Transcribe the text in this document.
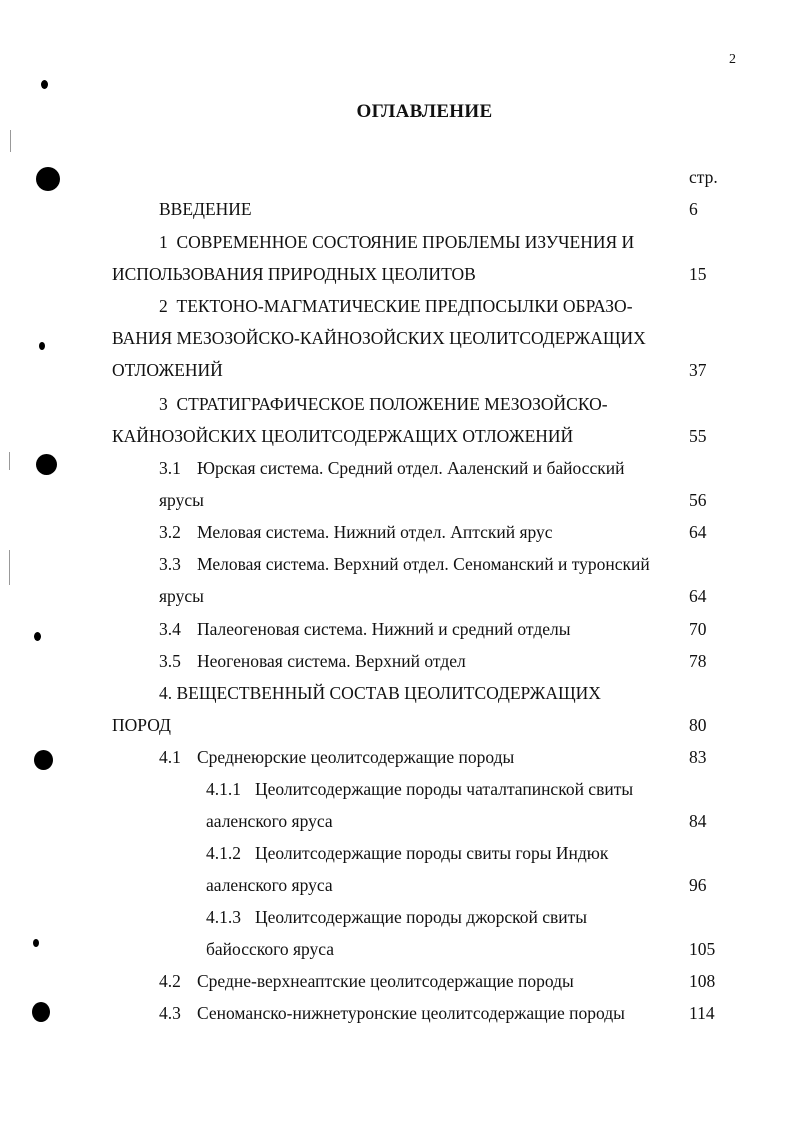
2
ОГЛАВЛЕНИЕ
стр.
ВВЕДЕНИЕ	6
1 СОВРЕМЕННОЕ СОСТОЯНИЕ ПРОБЛЕМЫ ИЗУЧЕНИЯ И
ИСПОЛЬЗОВАНИЯ ПРИРОДНЫХ ЦЕОЛИТОВ	15
2 ТЕКТОНО-МАГМАТИЧЕСКИЕ ПРЕДПОСЫЛКИ ОБРАЗО-
ВАНИЯ МЕЗОЗОЙСКО-КАЙНОЗОЙСКИХ ЦЕОЛИТСОДЕРЖАЩИХ
ОТЛОЖЕНИЙ	37
3 СТРАТИГРАФИЧЕСКОЕ ПОЛОЖЕНИЕ МЕЗОЗОЙСКО-
КАЙНОЗОЙСКИХ ЦЕОЛИТСОДЕРЖАЩИХ ОТЛОЖЕНИЙ	55
3.1 Юрская система. Средний отдел. Ааленский и байосский
ярусы	56
3.2 Меловая система. Нижний отдел. Аптский ярус	64
3.3 Меловая система. Верхний отдел. Сеноманский и туронский
ярусы	64
3.4 Палеогеновая система. Нижний и средний отделы	70
3.5 Неогеновая система. Верхний отдел	78
4. ВЕЩЕСТВЕННЫЙ СОСТАВ ЦЕОЛИТСОДЕРЖАЩИХ
ПОРОД	80
4.1 Среднеюрские цеолитсодержащие породы	83
4.1.1 Цеолитсодержащие породы чаталтапинской свиты
ааленского яруса	84
4.1.2 Цеолитсодержащие породы свиты горы Индюк
ааленского яруса	96
4.1.3 Цеолитсодержащие породы джорской свиты
байосского яруса	105
4.2 Средне-верхнеаптские цеолитсодержащие породы	108
4.3 Сеноманско-нижнетуронские цеолитсодержащие породы	114
